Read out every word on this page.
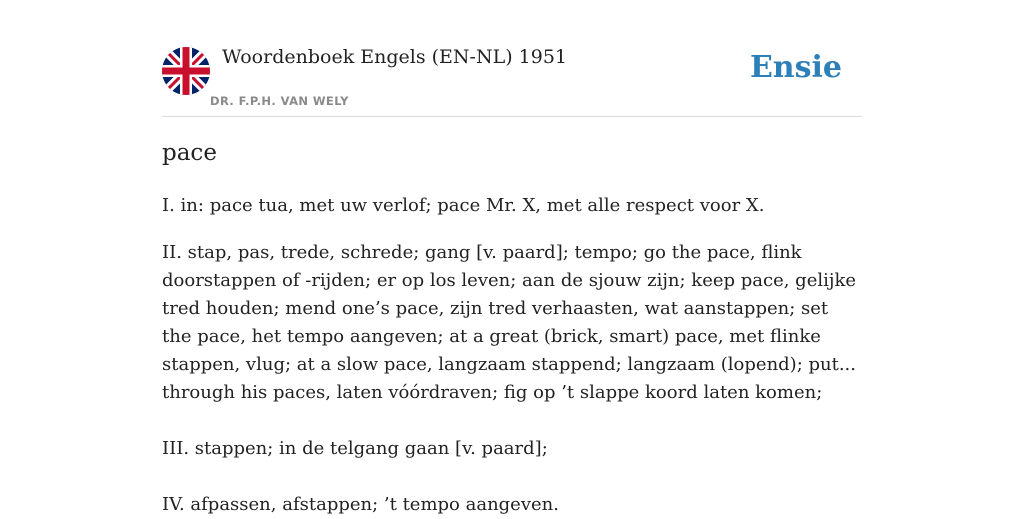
Woordenboek Engels (EN-NL) 1951
DR. F.P.H. VAN WELY
Ensie
pace

I. in: pace tua, met uw verlof; pace Mr. X, met alle respect voor X.

II. stap, pas, trede, schrede; gang [v. paard]; tempo; go the pace, flink doorstappen of -rijden; er op los leven; aan de sjouw zijn; keep pace, gelijke tred houden; mend one’s pace, zijn tred verhaasten, wat aanstappen; set the pace, het tempo aangeven; at a great (brick, smart) pace, met flinke stappen, vlug; at a slow pace, langzaam stappend; langzaam (lopend); put... through his paces, laten vóórdraven; fig op ’t slappe koord laten komen;

III. stappen; in de telgang gaan [v. paard];

IV. afpassen, afstappen; ’t tempo aangeven.
